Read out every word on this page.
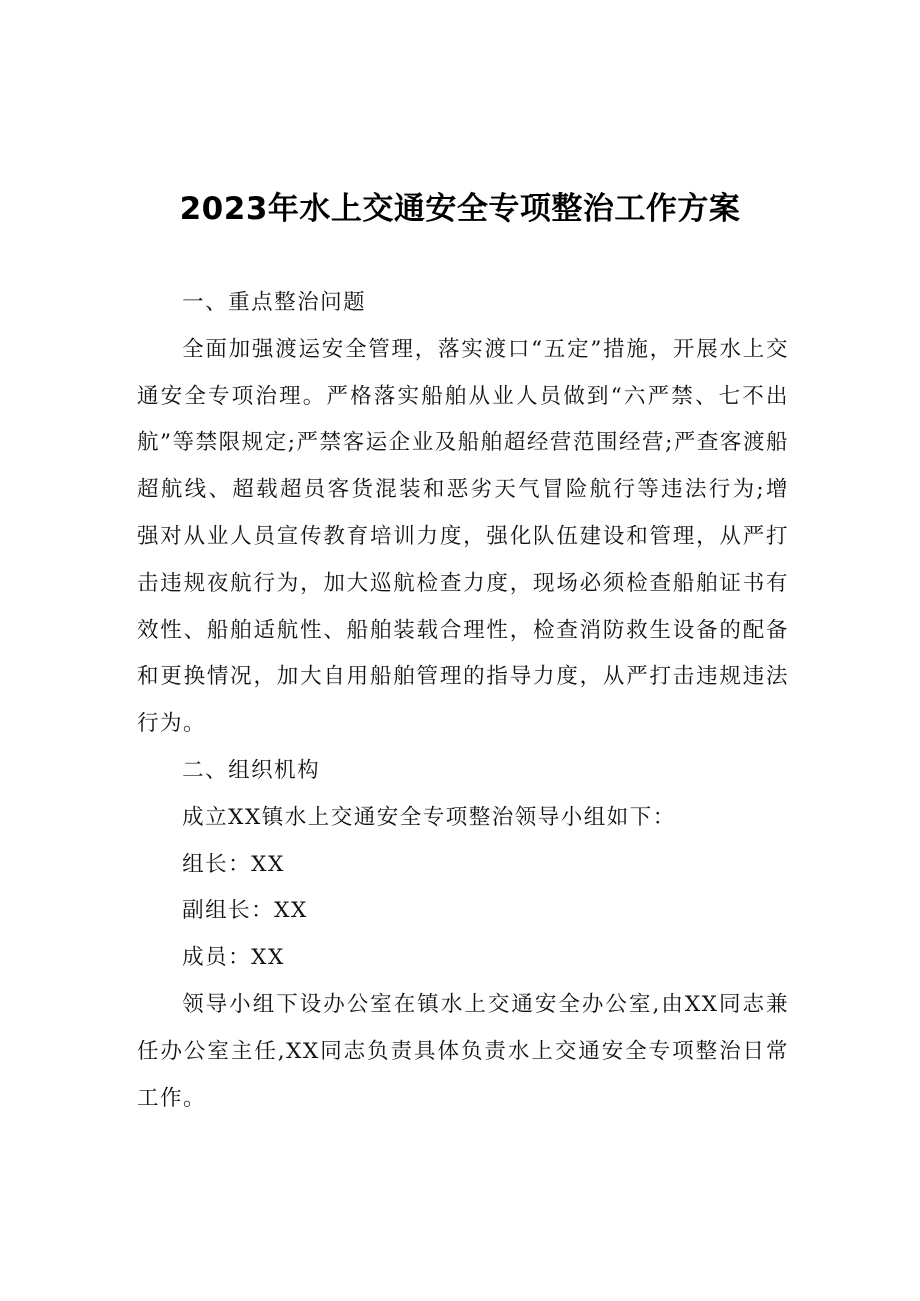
2023年水上交通安全专项整治工作方案

一、重点整治问题

全面加强渡运安全管理，落实渡口“五定”措施，开展水上交通安全专项治理。严格落实船舶从业人员做到“六严禁、七不出航”等禁限规定;严禁客运企业及船舶超经营范围经营;严查客渡船超航线、超载超员客货混装和恶劣天气冒险航行等违法行为;增强对从业人员宣传教育培训力度，强化队伍建设和管理，从严打击违规夜航行为，加大巡航检查力度，现场必须检查船舶证书有效性、船舶适航性、船舶装载合理性，检查消防救生设备的配备和更换情况，加大自用船舶管理的指导力度，从严打击违规违法行为。

二、组织机构

成立XX镇水上交通安全专项整治领导小组如下：

组长：XX

副组长：XX

成员：XX

领导小组下设办公室在镇水上交通安全办公室,由XX同志兼任办公室主任,XX同志负责具体负责水上交通安全专项整治日常工作。
